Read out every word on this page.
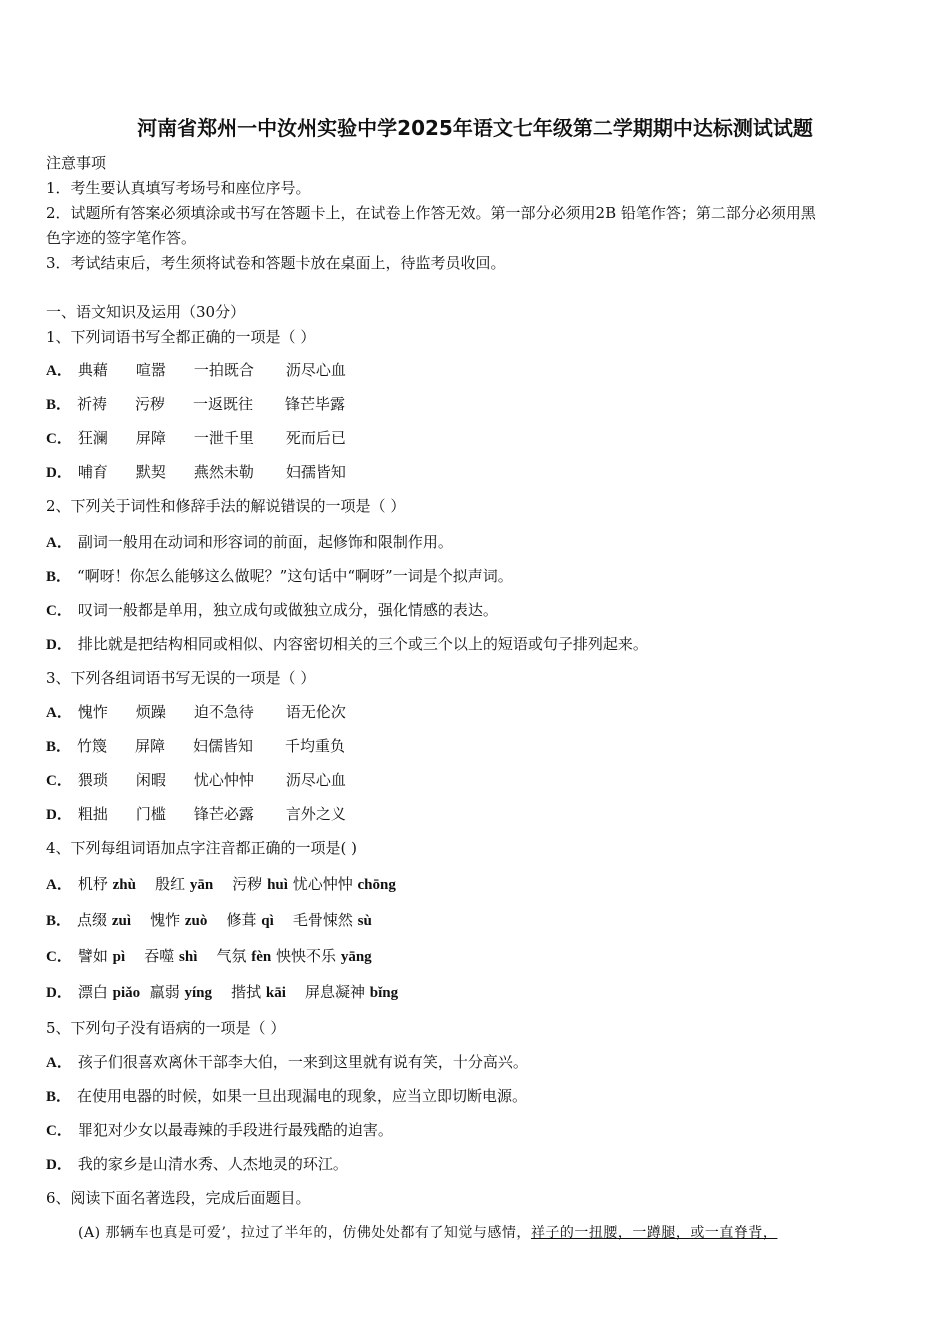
河南省郑州一中汝州实验中学2025年语文七年级第二学期期中达标测试试题
注意事项
1．考生要认真填写考场号和座位序号。
2．试题所有答案必须填涂或书写在答题卡上，在试卷上作答无效。第一部分必须用2B 铅笔作答；第二部分必须用黑
色字迹的签字笔作答。
3．考试结束后，考生须将试卷和答题卡放在桌面上，待监考员收回。
一、语文知识及运用（30分）
1、下列词语书写全都正确的一项是（ ）
A． 典藉 喧嚣 一拍既合 沥尽心血
B． 祈祷 污秽 一返既往 锋芒毕露
C． 狂澜 屏障 一泄千里 死而后已
D． 哺育 默契 燕然未勒 妇孺皆知
2、下列关于词性和修辞手法的解说错误的一项是（ ）
A． 副词一般用在动词和形容词的前面，起修饰和限制作用。
B． “啊呀！你怎么能够这么做呢？”这句话中“啊呀”一词是个拟声词。
C． 叹词一般都是单用，独立成句或做独立成分，强化情感的表达。
D． 排比就是把结构相同或相似、内容密切相关的三个或三个以上的短语或句子排列起来。
3、下列各组词语书写无误的一项是（ ）
A． 愧怍 烦躁 迫不急待 语无伦次
B． 竹篾 屏障 妇儒皆知 千均重负
C． 猥琐 闲暇 忧心忡忡 沥尽心血
D． 粗拙 门槛 锋芒必露 言外之义
4、下列每组词语加点字注音都正确的一项是( )
A． 机杼 zhù 殷红 yān 污秽 huì 忧心忡忡 chōng
B． 点缀 zuì 愧怍 zuò 修葺 qì 毛骨悚然 sù
C． 譬如 pì 吞噬 shì 气氛 fèn 怏怏不乐 yāng
D． 漂白 piǎo 羸弱 yíng 揩拭 kāi 屏息凝神 bǐng
5、下列句子没有语病的一项是（ ）
A． 孩子们很喜欢离休干部李大伯，一来到这里就有说有笑，十分高兴。
B． 在使用电器的时候，如果一旦出现漏电的现象，应当立即切断电源。
C． 罪犯对少女以最毒辣的手段进行最残酷的迫害。
D． 我的家乡是山清水秀、人杰地灵的环江。
6、阅读下面名著选段，完成后面题目。
(A) 那辆车也真是可爱’，拉过了半年的，仿佛处处都有了知觉与感情，祥子的一扭腰，一蹲腿，或一直脊背，
